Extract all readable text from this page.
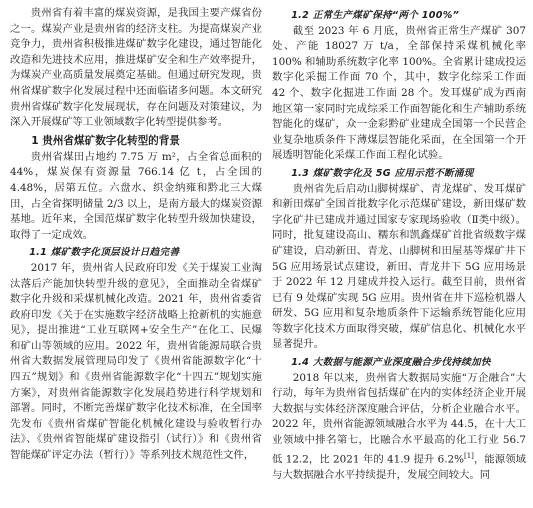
贵州省有着丰富的煤炭资源，是我国主要产煤省份之一。煤炭产业是贵州省的经济支柱。为提高煤炭产业竞争力，贵州省积极推进煤矿数字化建设，通过智能化改造和先进技术应用，推进煤矿安全和生产效率提升，为煤炭产业高质量发展奠定基础。但通过研究发现，贵州省煤矿数字化发展过程中还面临诸多问题。本文研究贵州省煤矿数字化发展现状，存在问题及对策建议，为深入开展煤矿等工业领域数字化转型提供参考。

1 贵州省煤矿数字化转型的背景

贵州省煤田占地约 7.75 万 m²，占全省总面积的 44%，煤炭保有资源量 766.14 亿 t，占全国的 4.48%，居第五位。六盘水、织金纳雍和黔北三大煤田，占全省探明储量 2/3 以上，是南方最大的煤炭资源基地。近年来，全国范煤矿数字化转型升级加快建设，取得了一定成效。

1.1 煤矿数字化顶层设计日趋完善

2017 年，贵州省人民政府印发《关于煤炭工业淘汰落后产能加快转型升级的意见》，全面推动全省煤矿数字化升级和采煤机械化改造。2021 年，贵州省委省政府印发《关于在实施数字经济战略上抢新机的实施意见》，提出推进“工业互联网+安全生产”在化工、民爆和矿山等领域的应用。2022 年，贵州省能源局联合贵州省大数据发展管理局印发了《贵州省能源数字化“十四五”规划》和《贵州省能源数字化“十四五”规划实施方案》，对贵州省能源数字化发展趋势进行科学规划和部署。同时，不断完善煤矿数字化技术标准，在全国率先发布《贵州省煤矿智能化机械化建设与验收暂行办法》、《贵州省智能煤矿建设指引（试行）》和《贵州省智能煤矿评定办法（暂行）》等系列技术规范性文件，

1.2 正常生产煤矿保持“两个 100%”

截至 2023 年 6 月底，贵州省正常生产煤矿 307 处、产能 18027 万 t/a，全部保持采煤机械化率 100% 和辅助系统数字化率 100%。全省累计建成投运数字化采掘工作面 70 个，其中，数字化综采工作面 42 个、数字化掘进工作面 28 个。发耳煤矿成为西南地区第一家同时完成综采工作面智能化和生产辅助系统智能化的煤矿，众一金彩黔矿业建成全国第一个民营企业复杂地质条件下薄煤层智能化采面，在全国第一个开展透明智能化采煤工作面工程化试验。

1.3 煤矿数字化及 5G 应用示范不断涌现

贵州省先后启动山脚树煤矿、青龙煤矿、发耳煤矿和新田煤矿全国首批数字化示范煤矿建设，新田煤矿数字化矿井已建成并通过国家专家现场验收（Ⅱ类中级）。同时，批复建设高山、糯东和凯鑫煤矿首批省级数字煤矿建设，启动新田、青龙、山脚树和田屋基等煤矿井下 5G 应用场景试点建设，新田、青龙井下 5G 应用场景于 2022 年 12 月建成并投入运行。截至目前，贵州省已有 9 处煤矿实现 5G 应用。贵州省在井下巡检机器人研发、5G 应用和复杂地质条件下运输系统智能化应用等数字化技术方面取得突破，煤矿信息化、机械化水平显著提升。

1.4 大数据与能源产业深度融合步伐持续加快

2018 年以来，贵州省大数据局实施“万企融合”大行动，每年为贵州省包括煤矿在内的实体经济企业开展大数据与实体经济深度融合评估，分析企业融合水平。2022 年，贵州省能源领域融合水平为 44.5，在十大工业领域中排名第七，比融合水平最高的化工行业 56.7 低 12.2，比 2021 年的 41.9 提升 6.2%[1]，能源领域与大数据融合水平持续提升，发展空间较大。同
